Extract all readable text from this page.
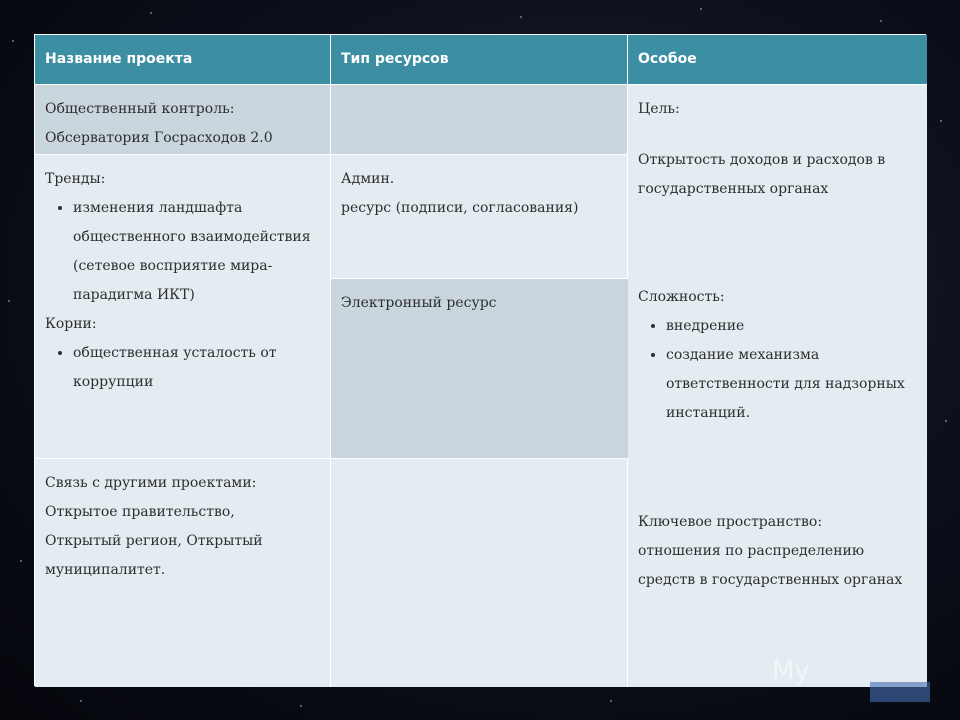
Название проекта	Тип ресурсов	Особое
Общественный контроль:
Обсерватория Госрасходов 2.0
Цель:
Открытость доходов и расходов в государственных органах
Сложность:
• внедрение
• создание механизма ответственности для надзорных инстанций.
Ключевое пространство:
отношения по распределению средств в государственных органах
Тренды:
• изменения ландшафта общественного взаимодействия (сетевое восприятие мира-парадигма ИКТ)
Корни:
• общественная усталость от коррупции
Админ.
ресурс (подписи, согласования)
Электронный ресурс
Связь с другими проектами:
Открытое правительство,
Открытый регион, Открытый
муниципалитет.
My
